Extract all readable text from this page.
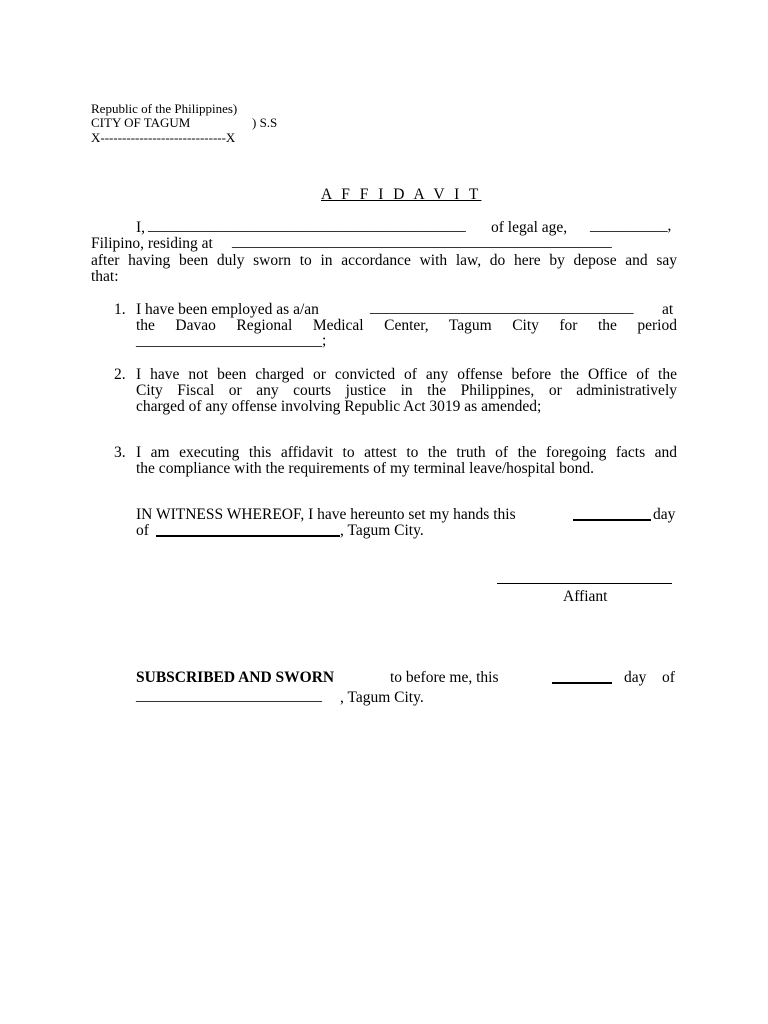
Republic of the Philippines)
CITY OF TAGUM	) S.S
X-----------------------------X
A F F I D A V I T
I, _________________________________________ of legal age, __________,
Filipino, residing at _________________________________________________
after having been duly sworn to in accordance with law, do here by depose and say
that:
1. I have been employed as a/an	__________________________________ at
the Davao Regional Medical Center, Tagum City for the period
________________________;
2. I have not been charged or convicted of any offense before the Office of the
City Fiscal or any courts justice in the Philippines, or administratively
charged of any offense involving Republic Act 3019 as amended;
3. I am executing this affidavit to attest to the truth of the foregoing facts and
the compliance with the requirements of my terminal leave/hospital bond.
IN WITNESS WHEREOF, I have hereunto set my hands this	day
of	, Tagum City.
Affiant
SUBSCRIBED AND SWORN	to before me, this	day of
________________________ , Tagum City.
